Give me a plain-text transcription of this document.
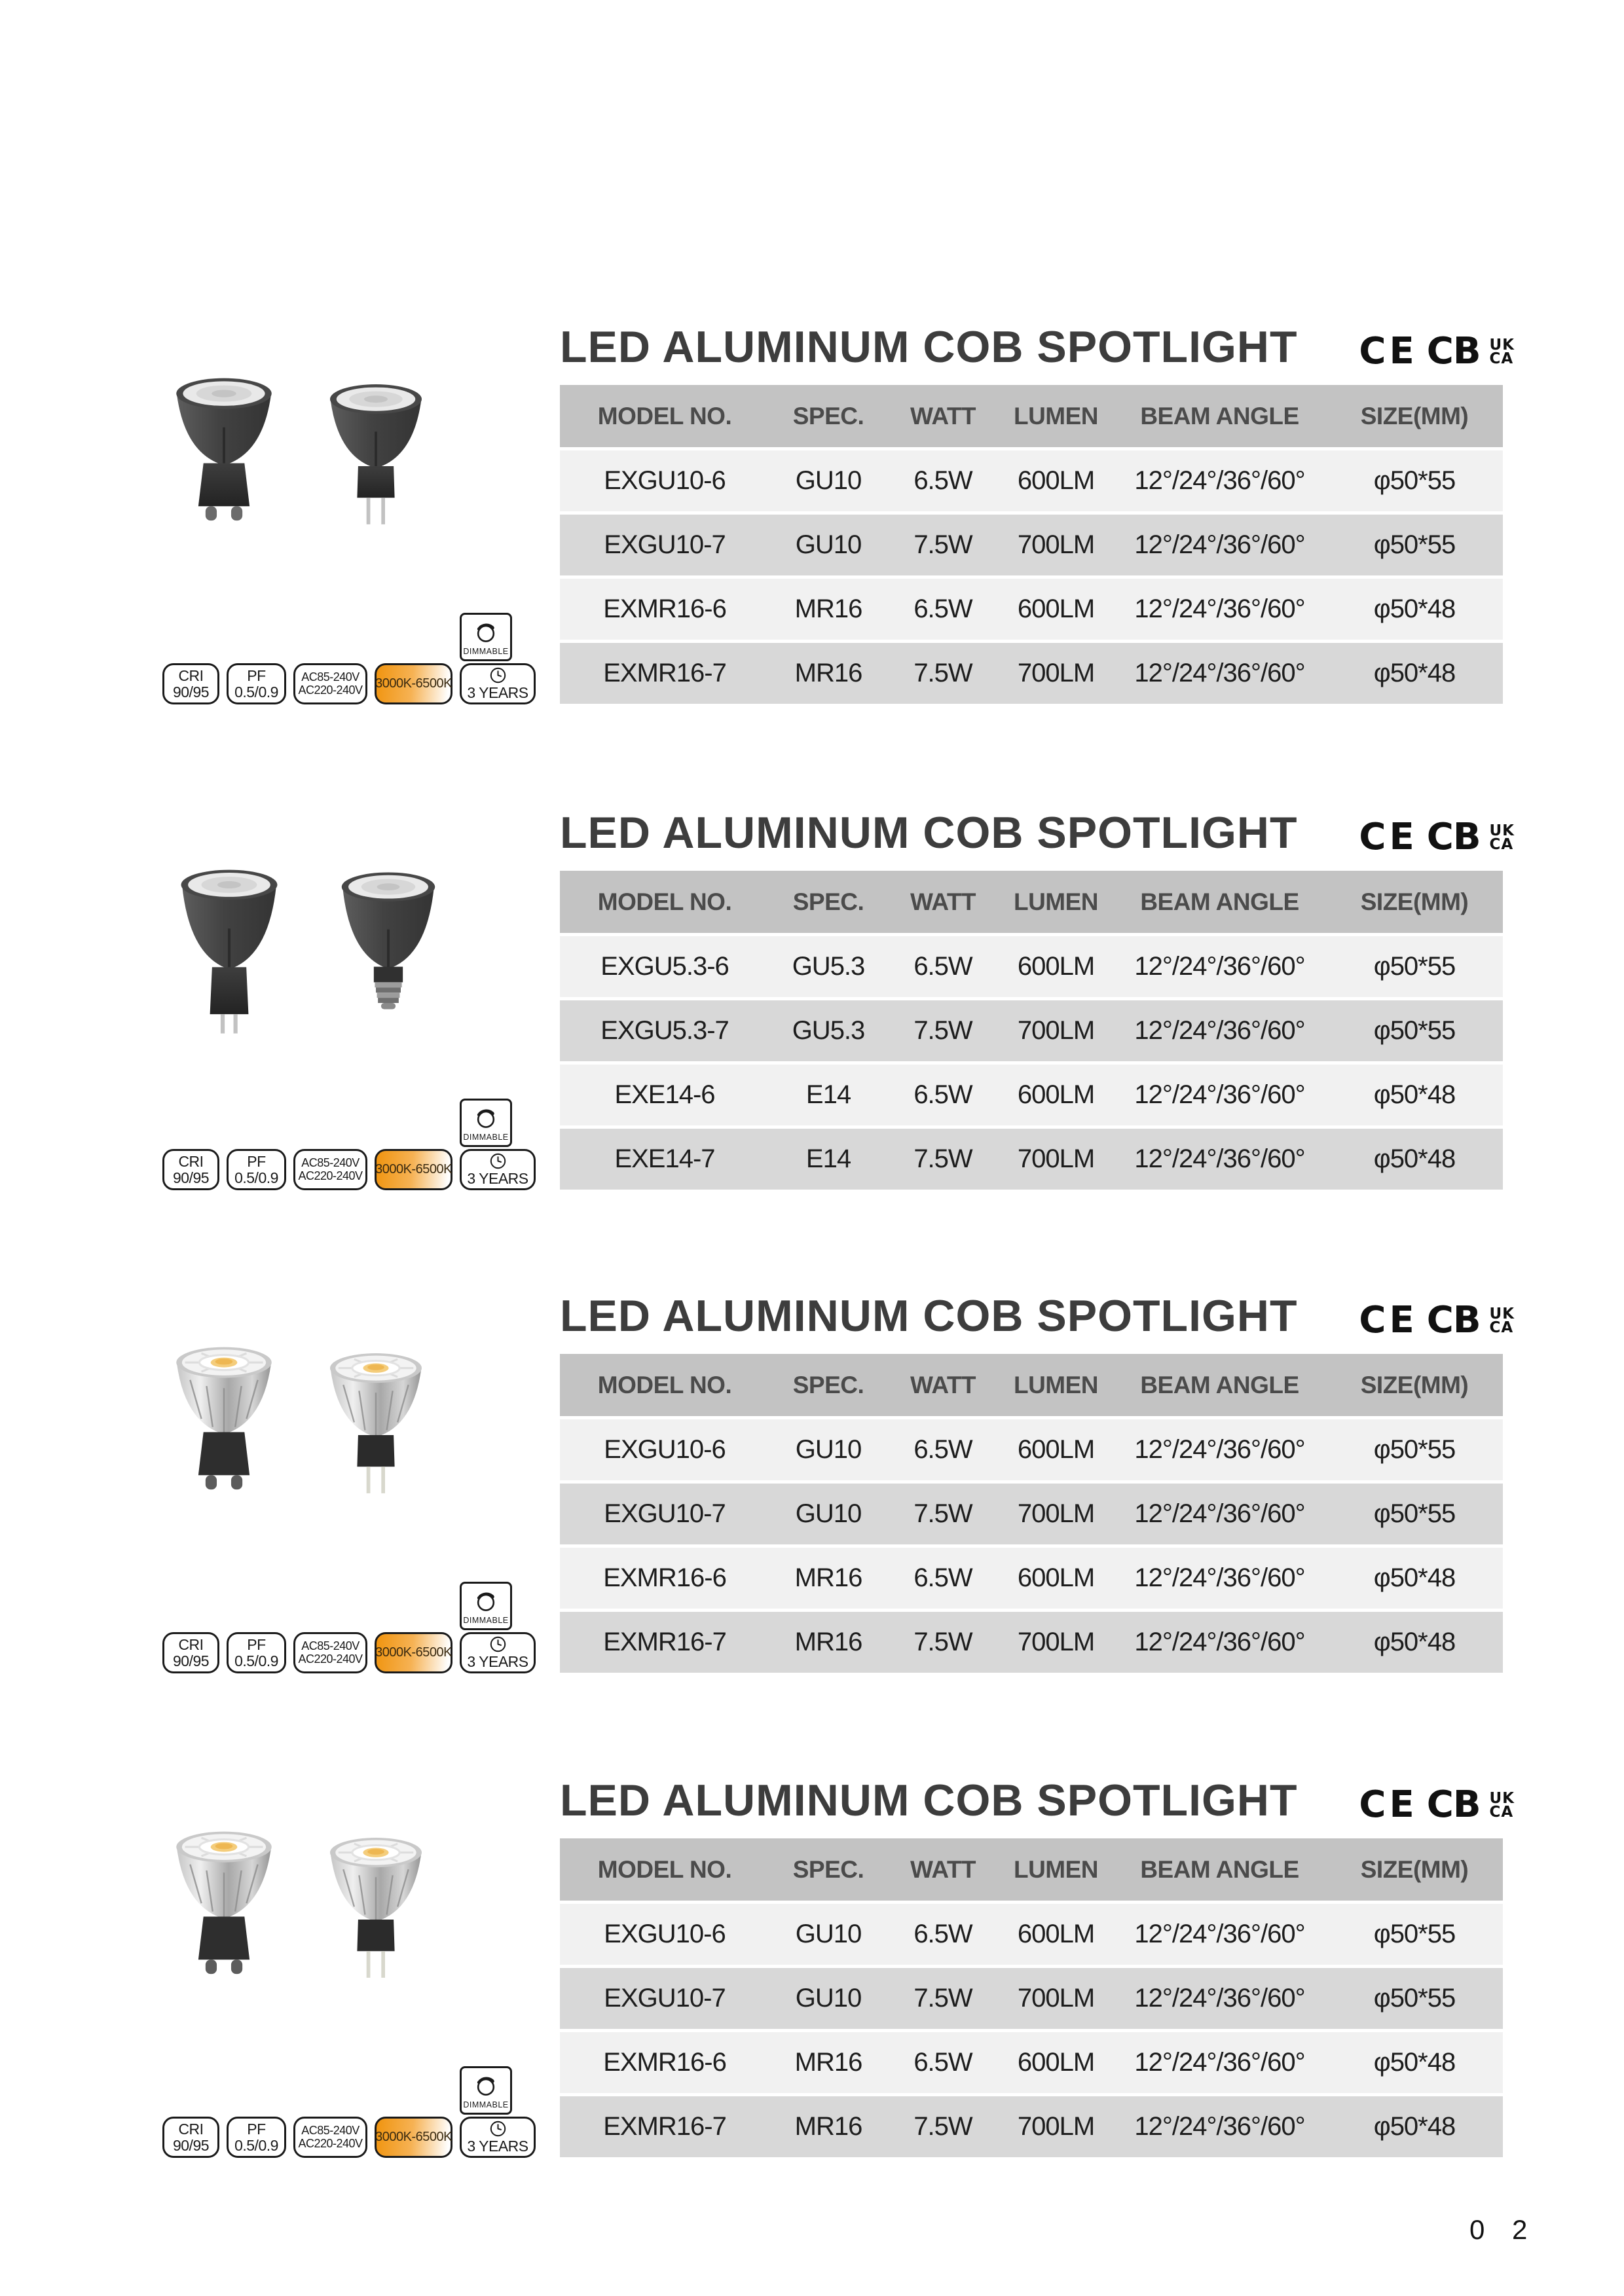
DIMMABLE
CRI
90/95
PF
0.5/0.9
AC85-240V
AC220-240V 3000K-6500K
3 YEARS
LED ALUMINUM COB SPOTLIGHT CE CB UK
CA
MODEL NO.	SPEC.	WATT	LUMEN	BEAM ANGLE	SIZE(MM)
EXGU10-6	GU10	6.5W	600LM	12°/24°/36°/60°	φ50*55
EXGU10-7	GU10	7.5W	700LM	12°/24°/36°/60°	φ50*55
EXMR16-6	MR16	6.5W	600LM	12°/24°/36°/60°	φ50*48
EXMR16-7	MR16	7.5W	700LM	12°/24°/36°/60°	φ50*48
DIMMABLE
CRI
90/95
PF
0.5/0.9
AC85-240V
AC220-240V 3000K-6500K
3 YEARS
LED ALUMINUM COB SPOTLIGHT CE CB UK
CA
MODEL NO.	SPEC.	WATT	LUMEN	BEAM ANGLE	SIZE(MM)
EXGU5.3-6	GU5.3	6.5W	600LM	12°/24°/36°/60°	φ50*55
EXGU5.3-7	GU5.3	7.5W	700LM	12°/24°/36°/60°	φ50*55
EXE14-6	E14	6.5W	600LM	12°/24°/36°/60°	φ50*48
EXE14-7	E14	7.5W	700LM	12°/24°/36°/60°	φ50*48
DIMMABLE
CRI
90/95
PF
0.5/0.9
AC85-240V
AC220-240V 3000K-6500K
3 YEARS
LED ALUMINUM COB SPOTLIGHT CE CB UK
CA
MODEL NO.	SPEC.	WATT	LUMEN	BEAM ANGLE	SIZE(MM)
EXGU10-6	GU10	6.5W	600LM	12°/24°/36°/60°	φ50*55
EXGU10-7	GU10	7.5W	700LM	12°/24°/36°/60°	φ50*55
EXMR16-6	MR16	6.5W	600LM	12°/24°/36°/60°	φ50*48
EXMR16-7	MR16	7.5W	700LM	12°/24°/36°/60°	φ50*48
DIMMABLE
CRI
90/95
PF
0.5/0.9
AC85-240V
AC220-240V 3000K-6500K
3 YEARS
LED ALUMINUM COB SPOTLIGHT CE CB UK
CA
MODEL NO.	SPEC.	WATT	LUMEN	BEAM ANGLE	SIZE(MM)
EXGU10-6	GU10	6.5W	600LM	12°/24°/36°/60°	φ50*55
EXGU10-7	GU10	7.5W	700LM	12°/24°/36°/60°	φ50*55
EXMR16-6	MR16	6.5W	600LM	12°/24°/36°/60°	φ50*48
EXMR16-7	MR16	7.5W	700LM	12°/24°/36°/60°	φ50*48
0 2
